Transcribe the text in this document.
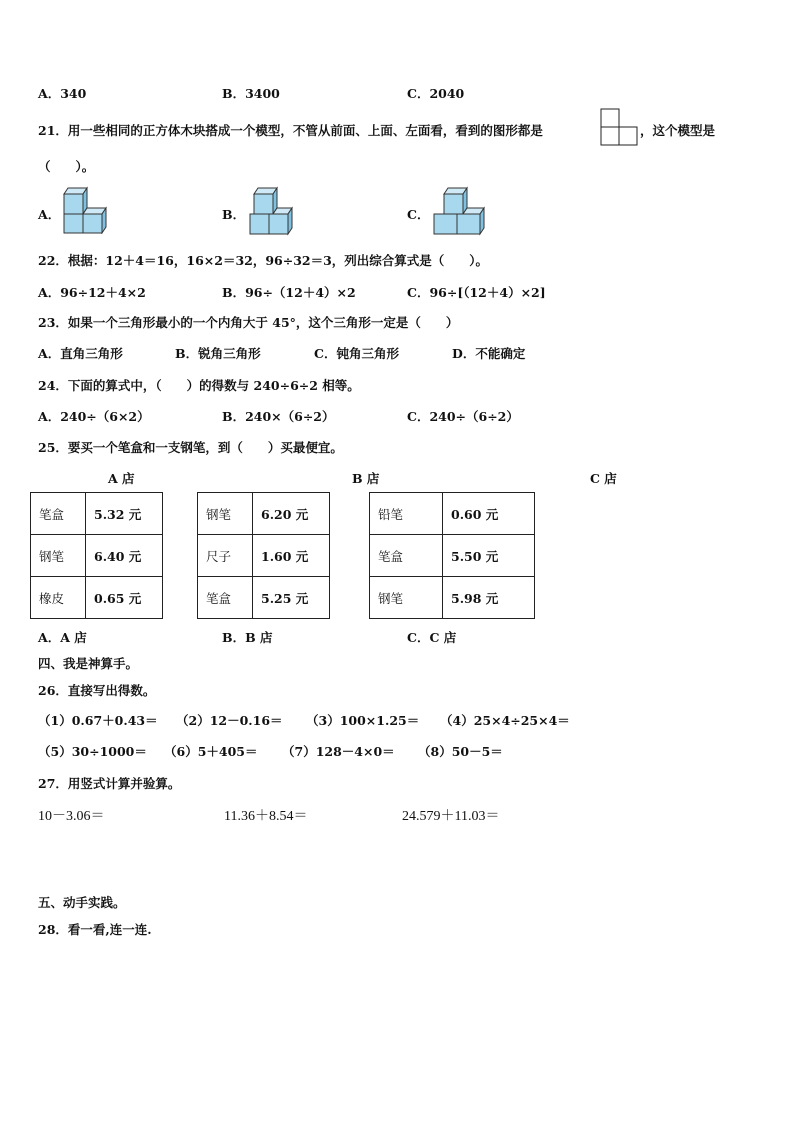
A．340	B．3400	C．2040
21．用一些相同的正方体木块搭成一个模型，不管从前面、上面、左面看，看到的图形都是	，这个模型是
（　　）。
A．	B．	C．
22．根据：12＋4＝16，16×2＝32，96÷32＝3，列出综合算式是（　　）。
A．96÷12＋4×2	B．96÷（12＋4）×2	C．96÷[（12＋4）×2]
23．如果一个三角形最小的一个内角大于 45°，这个三角形一定是（　　）
A．直角三角形	B．锐角三角形	C．钝角三角形	D．不能确定
24．下面的算式中，（　　）的得数与 240÷6÷2 相等。
A．240÷（6×2）	B．240×（6÷2）	C．240÷（6÷2）
25．要买一个笔盒和一支钢笔，到（　　）买最便宜。
A 店	B 店	C 店
笔盒	5.32 元
钢笔	6.40 元
橡皮	0.65 元
钢笔	6.20 元
尺子	1.60 元
笔盒	5.25 元
铅笔	0.60 元
笔盒	5.50 元
钢笔	5.98 元
A．A 店	B．B 店	C．C 店
四、我是神算手。
26．直接写出得数。
（1）0.67＋0.43＝ （2）12－0.16＝ （3）100×1.25＝ （4）25×4÷25×4＝
（5）30÷1000＝ （6）5＋405＝ （7）128－4×0＝ （8）50－5＝
27．用竖式计算并验算。
10－3.06＝	11.36＋8.54＝	24.579＋11.03＝
五、动手实践。
28．看一看,连一连.
